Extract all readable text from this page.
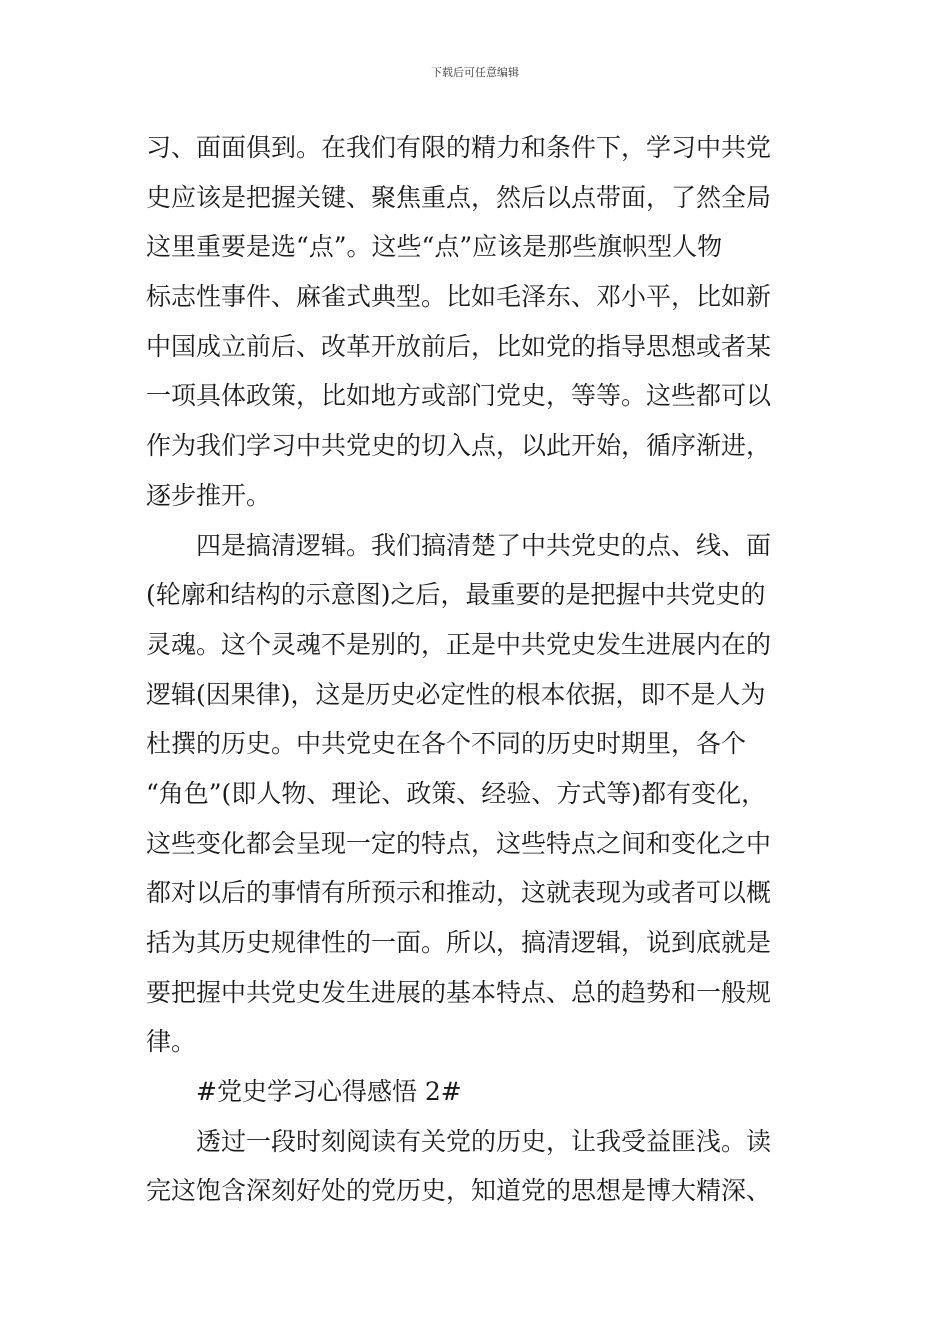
下载后可任意编辑
习、面面俱到。在我们有限的精力和条件下，学习中共党
史应该是把握关键、聚焦重点，然后以点带面，了然全局
这里重要是选“点”。这些“点”应该是那些旗帜型人物
标志性事件、麻雀式典型。比如毛泽东、邓小平，比如新
中国成立前后、改革开放前后，比如党的指导思想或者某
一项具体政策，比如地方或部门党史，等等。这些都可以
作为我们学习中共党史的切入点，以此开始，循序渐进，
逐步推开。
四是搞清逻辑。我们搞清楚了中共党史的点、线、面
(轮廓和结构的示意图)之后，最重要的是把握中共党史的
灵魂。这个灵魂不是别的，正是中共党史发生进展内在的
逻辑(因果律)，这是历史必定性的根本依据，即不是人为
杜撰的历史。中共党史在各个不同的历史时期里，各个
“角色”(即人物、理论、政策、经验、方式等)都有变化，
这些变化都会呈现一定的特点，这些特点之间和变化之中
都对以后的事情有所预示和推动，这就表现为或者可以概
括为其历史规律性的一面。所以，搞清逻辑，说到底就是
要把握中共党史发生进展的基本特点、总的趋势和一般规
律。
#党史学习心得感悟 2#
透过一段时刻阅读有关党的历史，让我受益匪浅。读
完这饱含深刻好处的党历史，知道党的思想是博大精深、
